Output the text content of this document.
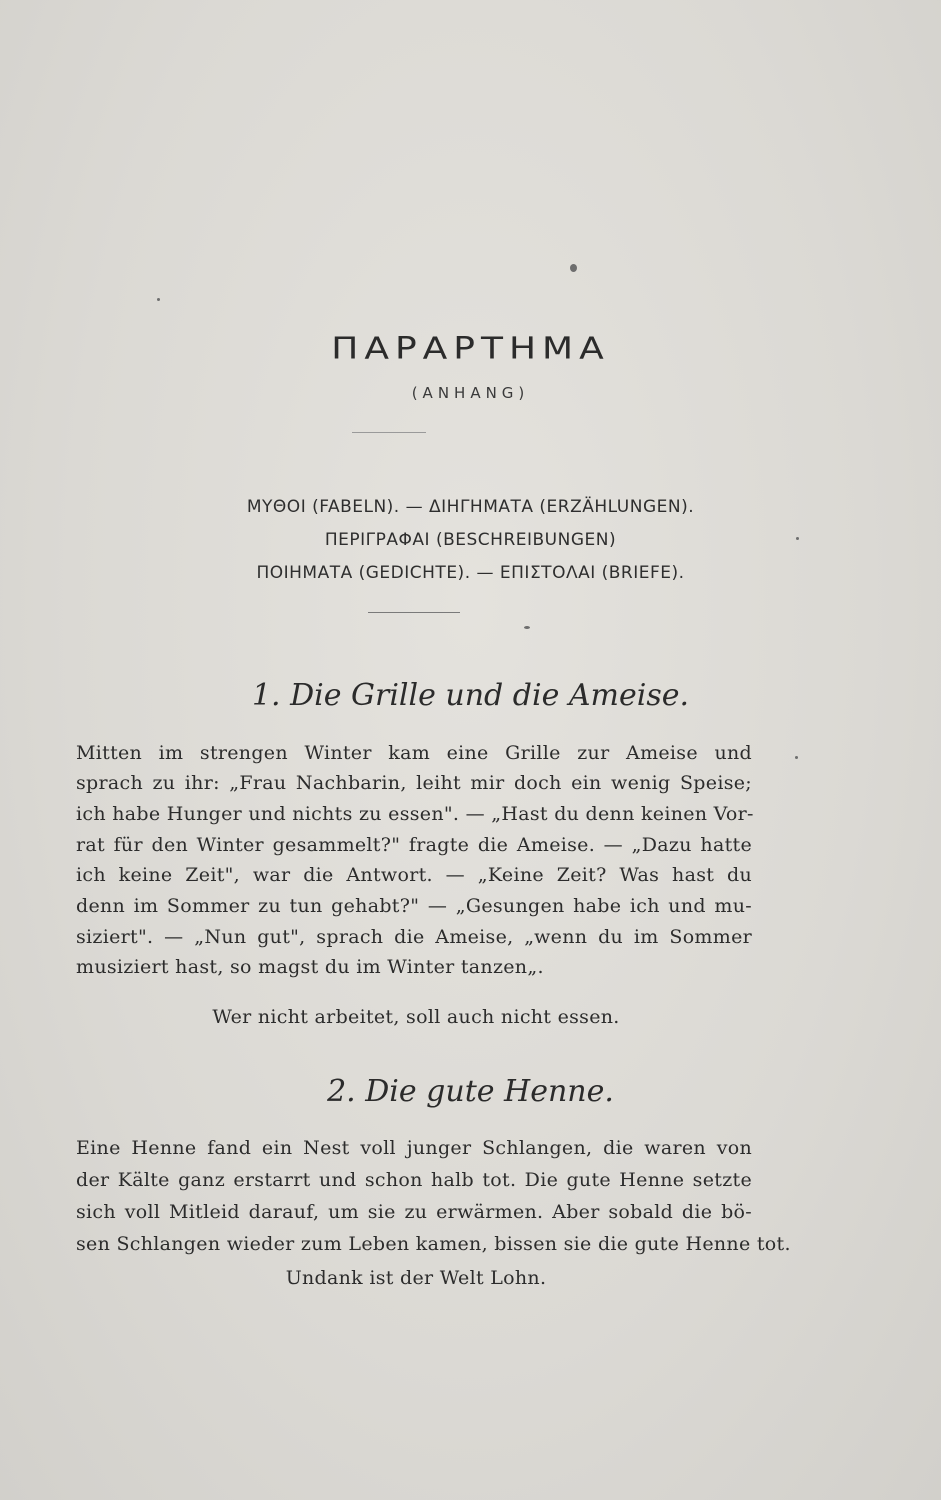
ΠΑΡΑΡΤΗΜΑ
(ANHANG)
ΜΥΘΟΙ (FABELN). — ΔΙΗΓΗΜΑΤΑ (ERZÄHLUNGEN).
ΠΕΡΙΓΡΑΦΑΙ (BESCHREIBUNGEN)
ΠΟΙΗΜΑΤΑ (GEDICHTE). — ΕΠΙΣΤΟΛΑΙ (BRIEFE).
1. Die Grille und die Ameise.
Mitten im strengen Winter kam eine Grille zur Ameise und
sprach zu ihr: „Frau Nachbarin, leiht mir doch ein wenig Speise;
ich habe Hunger und nichts zu essen". — „Hast du denn keinen Vor-
rat für den Winter gesammelt?" fragte die Ameise. — „Dazu hatte
ich keine Zeit", war die Antwort. — „Keine Zeit? Was hast du
denn im Sommer zu tun gehabt?" — „Gesungen habe ich und mu-
siziert". — „Nun gut", sprach die Ameise, „wenn du im Sommer
musiziert hast, so magst du im Winter tanzen„.
Wer nicht arbeitet, soll auch nicht essen.
2. Die gute Henne.
Eine Henne fand ein Nest voll junger Schlangen, die waren von
der Kälte ganz erstarrt und schon halb tot. Die gute Henne setzte
sich voll Mitleid darauf, um sie zu erwärmen. Aber sobald die bö-
sen Schlangen wieder zum Leben kamen, bissen sie die gute Henne tot.
Undank ist der Welt Lohn.
